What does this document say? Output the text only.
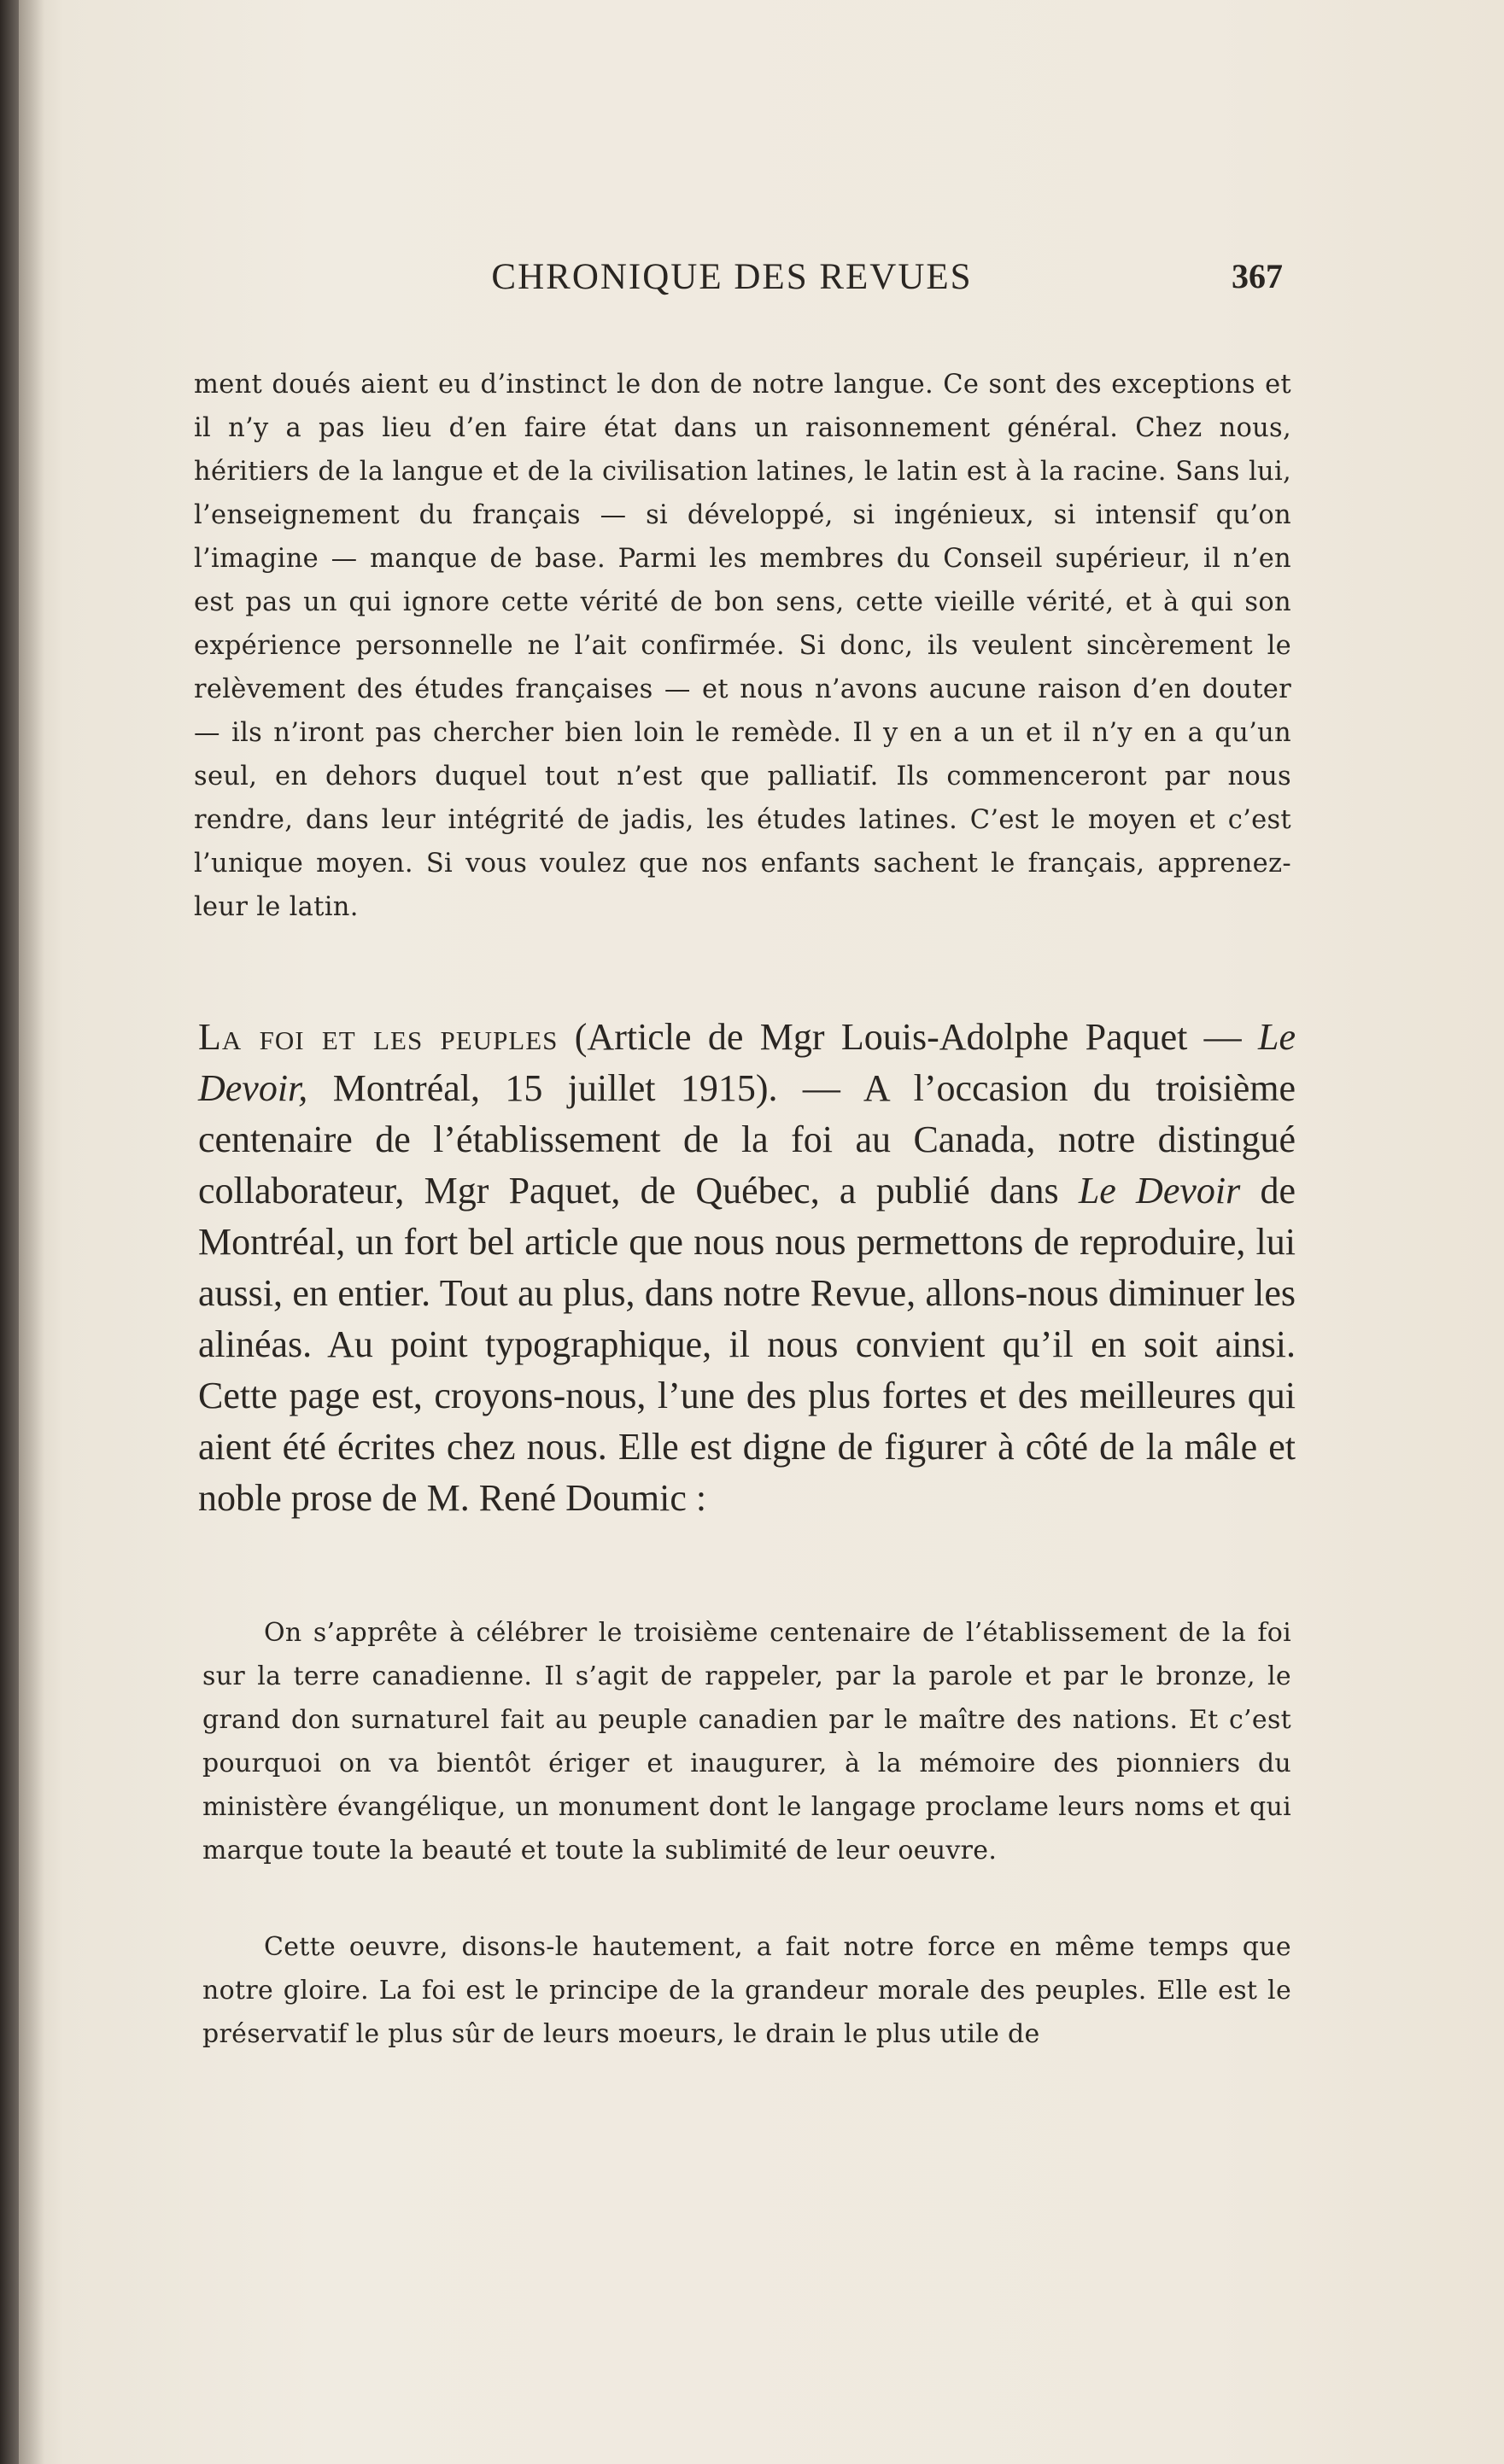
CHRONIQUE DES REVUES	367

ment doués aient eu d’instinct le don de notre langue. Ce sont des exceptions et il n’y a pas lieu d’en faire état dans un raisonnement général. Chez nous, héritiers de la langue et de la civilisation latines, le latin est à la racine. Sans lui, l’enseignement du français — si développé, si ingénieux, si intensif qu’on l’imagine — manque de base. Parmi les membres du Conseil supérieur, il n’en est pas un qui ignore cette vérité de bon sens, cette vieille vérité, et à qui son expérience personnelle ne l’ait confirmée. Si donc, ils veulent sincèrement le relèvement des études françaises — et nous n’avons aucune raison d’en douter — ils n’iront pas chercher bien loin le remède. Il y en a un et il n’y en a qu’un seul, en dehors duquel tout n’est que palliatif. Ils commenceront par nous rendre, dans leur intégrité de jadis, les études latines. C’est le moyen et c’est l’unique moyen. Si vous voulez que nos enfants sachent le français, apprenez-leur le latin.

La foi et les peuples (Article de Mgr Louis-Adolphe Paquet — Le Devoir, Montréal, 15 juillet 1915). — A l’occasion du troisième centenaire de l’établissement de la foi au Canada, notre distingué collaborateur, Mgr Paquet, de Québec, a publié dans Le Devoir de Montréal, un fort bel article que nous nous permettons de reproduire, lui aussi, en entier. Tout au plus, dans notre Revue, allons-nous diminuer les alinéas. Au point typographique, il nous convient qu’il en soit ainsi. Cette page est, croyons-nous, l’une des plus fortes et des meilleures qui aient été écrites chez nous. Elle est digne de figurer à côté de la mâle et noble prose de M. René Doumic :

On s’apprête à célébrer le troisième centenaire de l’établissement de la foi sur la terre canadienne. Il s’agit de rappeler, par la parole et par le bronze, le grand don surnaturel fait au peuple canadien par le maître des nations. Et c’est pourquoi on va bientôt ériger et inaugurer, à la mémoire des pionniers du ministère évangélique, un monument dont le langage proclame leurs noms et qui marque toute la beauté et toute la sublimité de leur oeuvre.

Cette oeuvre, disons-le hautement, a fait notre force en même temps que notre gloire. La foi est le principe de la grandeur morale des peuples. Elle est le préservatif le plus sûr de leurs moeurs, le drain le plus utile de
